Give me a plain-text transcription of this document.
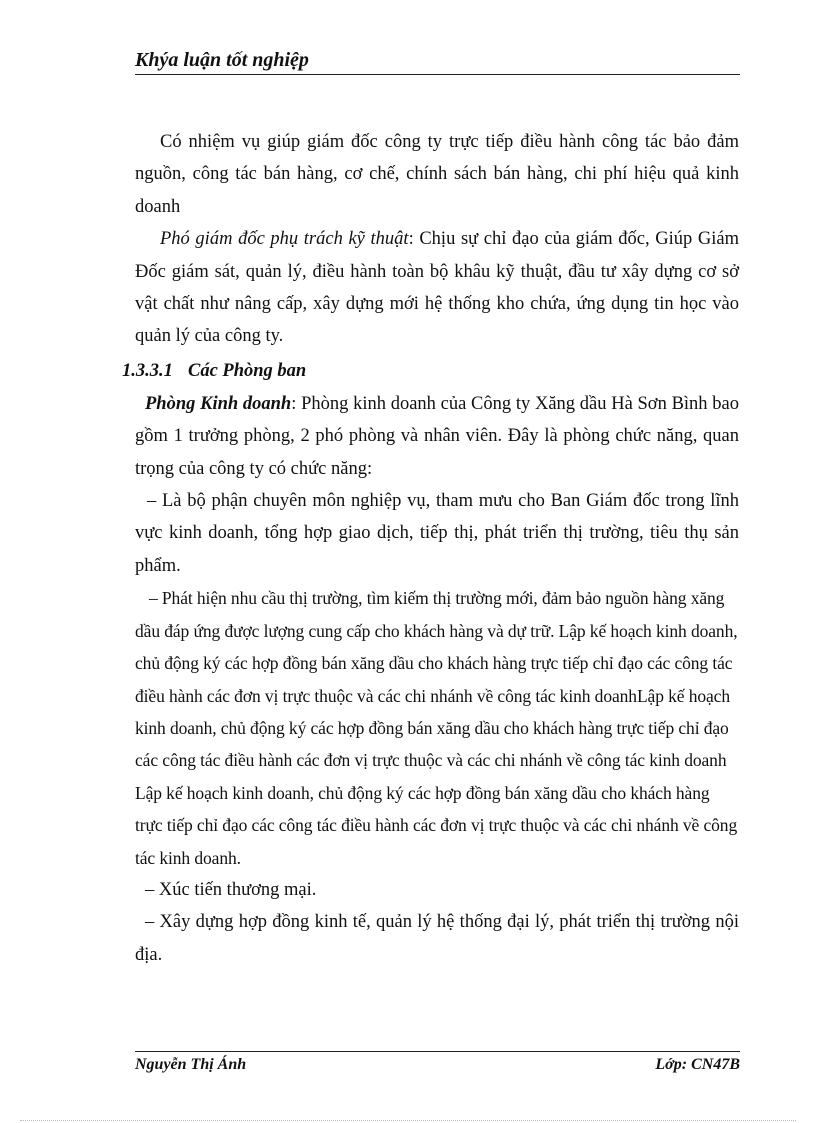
Khýa luận tốt nghiệp

Có nhiệm vụ giúp giám đốc công ty trực tiếp điều hành công tác bảo đảm nguồn, công tác bán hàng, cơ chế, chính sách bán hàng, chi phí hiệu quả kinh doanh

Phó giám đốc phụ trách kỹ thuật: Chịu sự chỉ đạo của giám đốc, Giúp Giám Đốc giám sát, quản lý, điều hành toàn bộ khâu kỹ thuật, đầu tư xây dựng cơ sở vật chất như nâng cấp, xây dựng mới hệ thống kho chứa, ứng dụng tin học vào quản lý của công ty.

1.3.3.1 Các Phòng ban

Phòng Kinh doanh: Phòng kinh doanh của Công ty Xăng dầu Hà Sơn Bình bao gồm 1 trưởng phòng, 2 phó phòng và nhân viên. Đây là phòng chức năng, quan trọng của công ty có chức năng:

– Là bộ phận chuyên môn nghiệp vụ, tham mưu cho Ban Giám đốc trong lĩnh vực kinh doanh, tổng hợp giao dịch, tiếp thị, phát triển thị trường, tiêu thụ sản phẩm.

– Phát hiện nhu cầu thị trường, tìm kiếm thị trường mới, đảm bảo nguồn hàng xăng dầu đáp ứng được lượng cung cấp cho khách hàng và dự trữ. Lập kế hoạch kinh doanh, chủ động ký các hợp đồng bán xăng dầu cho khách hàng trực tiếp chỉ đạo các công tác điều hành các đơn vị trực thuộc và các chi nhánh về công tác kinh doanhLập kế hoạch kinh doanh, chủ động ký các hợp đồng bán xăng dầu cho khách hàng trực tiếp chỉ đạo các công tác điều hành các đơn vị trực thuộc và các chi nhánh về công tác kinh doanh

Lập kế hoạch kinh doanh, chủ động ký các hợp đồng bán xăng dầu cho khách hàng trực tiếp chỉ đạo các công tác điều hành các đơn vị trực thuộc và các chi nhánh về công tác kinh doanh.

– Xúc tiến thương mại.

– Xây dựng hợp đồng kinh tế, quản lý hệ thống đại lý, phát triển thị trường nội địa.

Nguyễn Thị Ánh	Lớp: CN47B
